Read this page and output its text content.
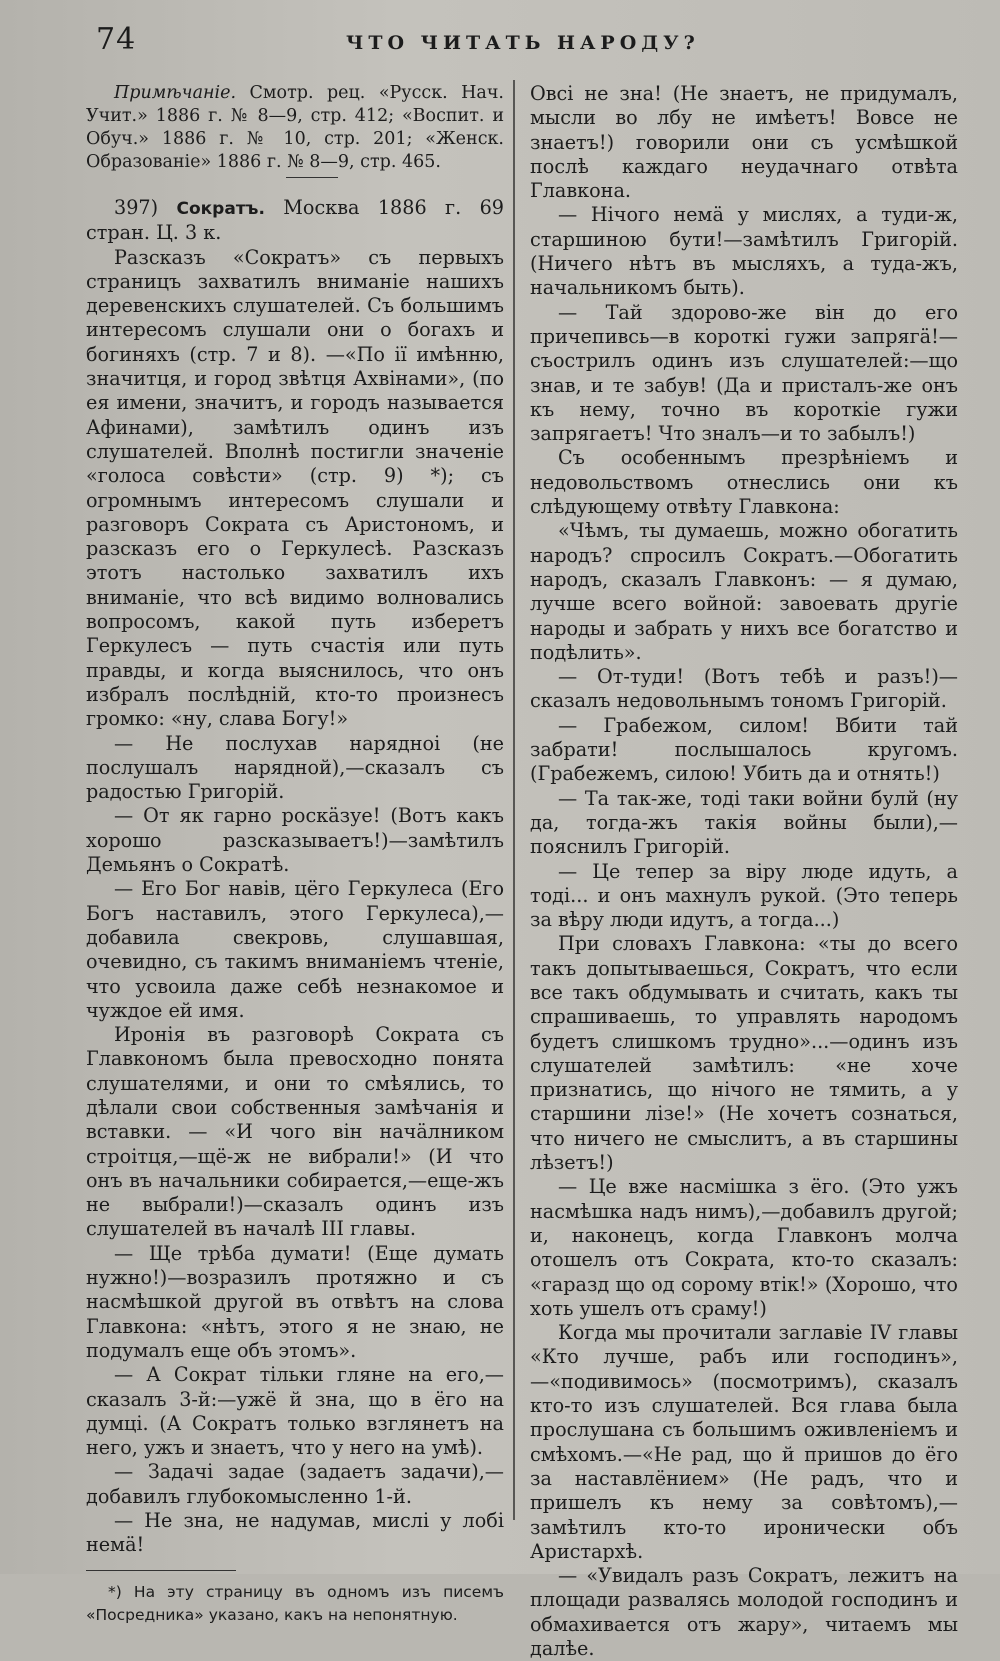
74	ЧТО ЧИТАТЬ НАРОДУ?

Примѣчаніе. Смотр. рец. «Русск. Нач. Учит.» 1886 г. № 8—9, стр. 412; «Воспит. и Обуч.» 1886 г. № 10, стр. 201; «Женск. Образованіе» 1886 г. № 8—9, стр. 465.

397) Сократъ. Москва 1886 г. 69 стран. Ц. 3 к.

Разсказъ «Сократъ» съ первыхъ страницъ захватилъ вниманіе нашихъ деревенскихъ слушателей. Съ большимъ интересомъ слушали они о богахъ и богиняхъ (стр. 7 и 8). —«По ії имѣнню, значитця, и город звѣтця Ахвінами», (по ея имени, значитъ, и городъ называется Афинами), замѣтилъ одинъ изъ слушателей. Вполнѣ постигли значеніе «голоса совѣсти» (стр. 9) *); съ огромнымъ интересомъ слушали и разговоръ Сократа съ Аристономъ, и разсказъ его о Геркулесѣ. Разсказъ этотъ настолько захватилъ ихъ вниманіе, что всѣ видимо волновались вопросомъ, какой путь изберетъ Геркулесъ — путь счастія или путь правды, и когда выяснилось, что онъ избралъ послѣдній, кто-то произнесъ громко: «ну, слава Богу!»

— Не послухав нарядноі (не послушалъ нарядной),—сказалъ съ радостью Григорій.

— От як гарно роскäзуе! (Вотъ какъ хорошо разсказываетъ!)—замѣтилъ Демьянъ о Сократѣ.

— Его Бог навів, цёго Геркулеса (Его Богъ наставилъ, этого Геркулеса),—добавила свекровь, слушавшая, очевидно, съ такимъ вниманіемъ чтеніе, что усвоила даже себѣ незнакомое и чуждое ей имя.

Иронія въ разговорѣ Сократа съ Главкономъ была превосходно понята слушателями, и они то смѣялись, то дѣлали свои собственныя замѣчанія и вставки. — «И чого він начäлником строітця,—щё-ж не вибрали!» (И что онъ въ начальники собирается,—еще-жъ не выбрали!)—сказалъ одинъ изъ слушателей въ началѣ III главы.

— Ще трѣба думати! (Еще думать нужно!)—возразилъ протяжно и съ насмѣшкой другой въ отвѣтъ на слова Главкона: «нѣтъ, этого я не знаю, не подумалъ еще объ этомъ».

— А Сократ тільки гляне на его,—сказалъ 3-й:—ужё й зна, що в ёго на думці. (А Сократъ только взглянетъ на него, ужъ и знаетъ, что у него на умѣ).

— Задачі задае (задаетъ задачи),—добавилъ глубокомысленно 1-й.

— Не зна, не надумав, мислі у лобі немä!

*) На эту страницу въ одномъ изъ писемъ «Посредника» указано, какъ на непонятную.

Овсі не зна! (Не знаетъ, не придумалъ, мысли во лбу не имѣетъ! Вовсе не знаетъ!) говорили они съ усмѣшкой послѣ каждаго неудачнаго отвѣта Главкона.

— Нічого немä у мислях, а туди-ж, старшиною бути!—замѣтилъ Григорій. (Ничего нѣтъ въ мысляхъ, а туда-жъ, начальникомъ быть).

— Тай здорово-же він до его причепивсь—в короткі гужи запрягä!—съострилъ одинъ изъ слушателей:—що знав, и те забув! (Да и присталъ-же онъ къ нему, точно въ короткіе гужи запрягаетъ! Что зналъ—и то забылъ!)

Съ особеннымъ презрѣніемъ и недовольствомъ отнеслись они къ слѣдующему отвѣту Главкона:

«Чѣмъ, ты думаешь, можно обогатить народъ? спросилъ Сократъ.—Обогатить народъ, сказалъ Главконъ: — я думаю, лучше всего войной: завоевать другіе народы и забрать у нихъ все богатство и подѣлить».

— От-туди! (Вотъ тебѣ и разъ!)—сказалъ недовольнымъ тономъ Григорій.

— Грабежом, силом! Вбити тай забрати! послышалось кругомъ. (Грабежемъ, силою! Убить да и отнять!)

— Та так-же, тоді таки войни булй (ну да, тогда-жъ такія войны были),—пояснилъ Григорій.

— Це тепер за віру люде идуть, а тоді... и онъ махнулъ рукой. (Это теперь за вѣру люди идутъ, а тогда...)

При словахъ Главкона: «ты до всего такъ допытываешься, Сократъ, что если все такъ обдумывать и считать, какъ ты спрашиваешь, то управлять народомъ будетъ слишкомъ трудно»...—одинъ изъ слушателей замѣтилъ: «не хоче признатись, що нічого не тямить, а у старшини лізе!» (Не хочетъ сознаться, что ничего не смыслитъ, а въ старшины лѣзетъ!)

— Це вже насмішка з ёго. (Это ужъ насмѣшка надъ нимъ),—добавилъ другой; и, наконецъ, когда Главконъ молча отошелъ отъ Сократа, кто-то сказалъ: «гаразд що од сорому втік!» (Хорошо, что хоть ушелъ отъ сраму!)

Когда мы прочитали заглавіе IV главы «Кто лучше, рабъ или господинъ»,—«подивимось» (посмотримъ), сказалъ кто-то изъ слушателей. Вся глава была прослушана съ большимъ оживленіемъ и смѣхомъ.—«Не рад, що й пришов до ёго за наставлёнием» (Не радъ, что и пришелъ къ нему за совѣтомъ),—замѣтилъ кто-то иронически объ Аристархѣ.

— «Увидалъ разъ Сократъ, лежитъ на площади развалясь молодой господинъ и обмахивается отъ жару», читаемъ мы далѣе.
